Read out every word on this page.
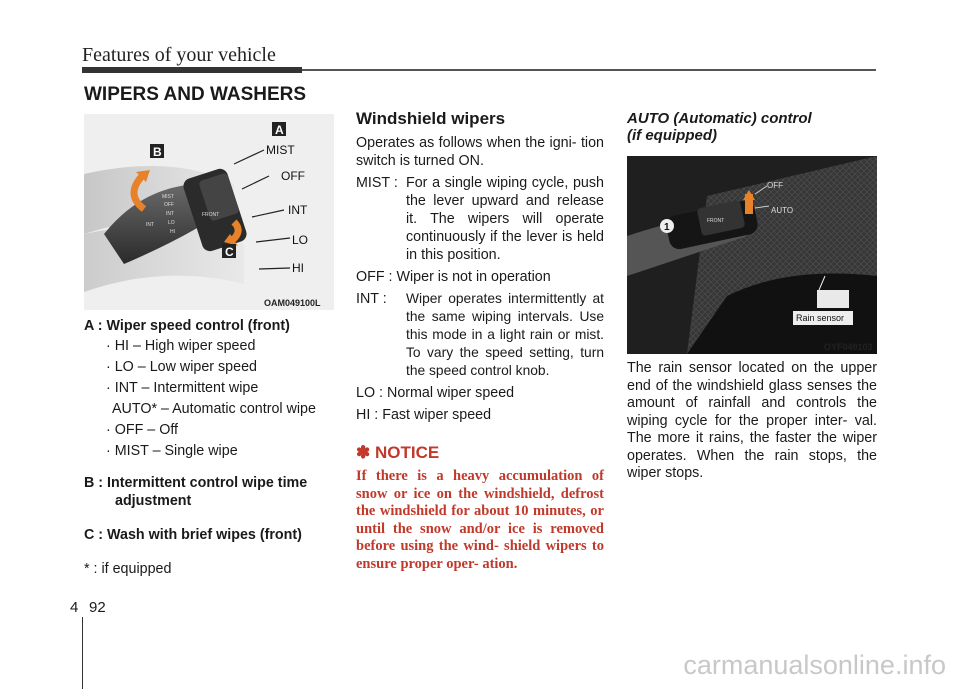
Features of your vehicle
WIPERS AND WASHERS
INT
MIST
OFF
INT
LO
HI
FRONT
A
B
C
MIST
OFF
INT
LO
HI
OAM049100L

A : Wiper speed control (front)

· HI – High wiper speed

· LO – Low wiper speed

· INT – Intermittent wipe

AUTO* – Automatic control wipe

· OFF – Off

· MIST – Single wipe

B : Intermittent control wipe time

adjustment

C : Wash with brief wipes (front)

* : if equipped

Windshield wipers

Operates as follows when the igni- tion switch is turned ON.

MIST : For a single wiping cycle, push the lever upward and release it. The wipers will operate continuously if the lever is held in this position.

OFF : Wiper is not in operation

INT :	Wiper operates intermittently at the same wiping intervals. Use this mode in a light rain or mist. To vary the speed setting, turn the speed control knob.

LO : Normal wiper speed

HI : Fast wiper speed

✽ NOTICE

If there is a heavy accumulation of snow or ice on the windshield, defrost the windshield for about 10 minutes, or until the snow and/or ice is removed before using the wind- shield wipers to ensure proper oper- ation.

AUTO (Automatic) control

(if equipped)

1
FRONT
OFF
AUTO
Rain sensor
OYF049103
The rain sensor located on the upper end of the windshield glass senses the amount of rainfall and controls the wiping cycle for the proper inter- val. The more it rains, the faster the wiper operates. When the rain stops, the wiper stops.
4 92
carmanualsonline.info
